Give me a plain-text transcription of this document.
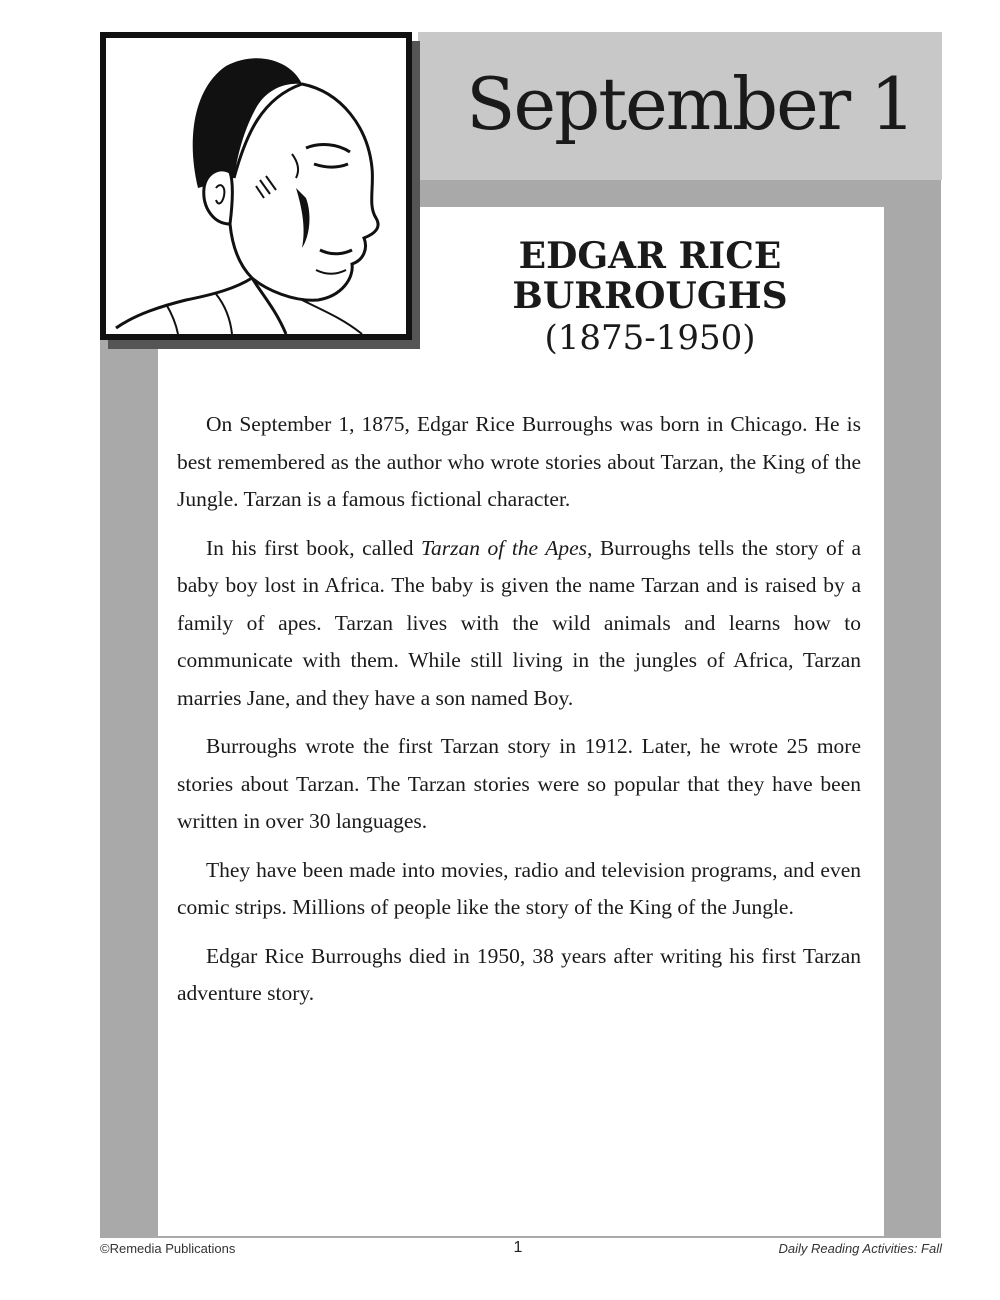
September 1
EDGAR RICE
BURROUGHS
(1875-1950)

On September 1, 1875, Edgar Rice Burroughs was born in Chicago. He is best remembered as the author who wrote stories about Tarzan, the King of the Jungle. Tarzan is a famous fictional character.

In his first book, called Tarzan of the Apes, Burroughs tells the story of a baby boy lost in Africa. The baby is given the name Tarzan and is raised by a family of apes. Tarzan lives with the wild animals and learns how to communicate with them. While still living in the jungles of Africa, Tarzan marries Jane, and they have a son named Boy.

Burroughs wrote the first Tarzan story in 1912. Later, he wrote 25 more stories about Tarzan. The Tarzan stories were so popular that they have been written in over 30 languages.

They have been made into movies, radio and television programs, and even comic strips. Millions of people like the story of the King of the Jungle.

Edgar Rice Burroughs died in 1950, 38 years after writing his first Tarzan adventure story.

©Remedia Publications	1	Daily Reading Activities: Fall
